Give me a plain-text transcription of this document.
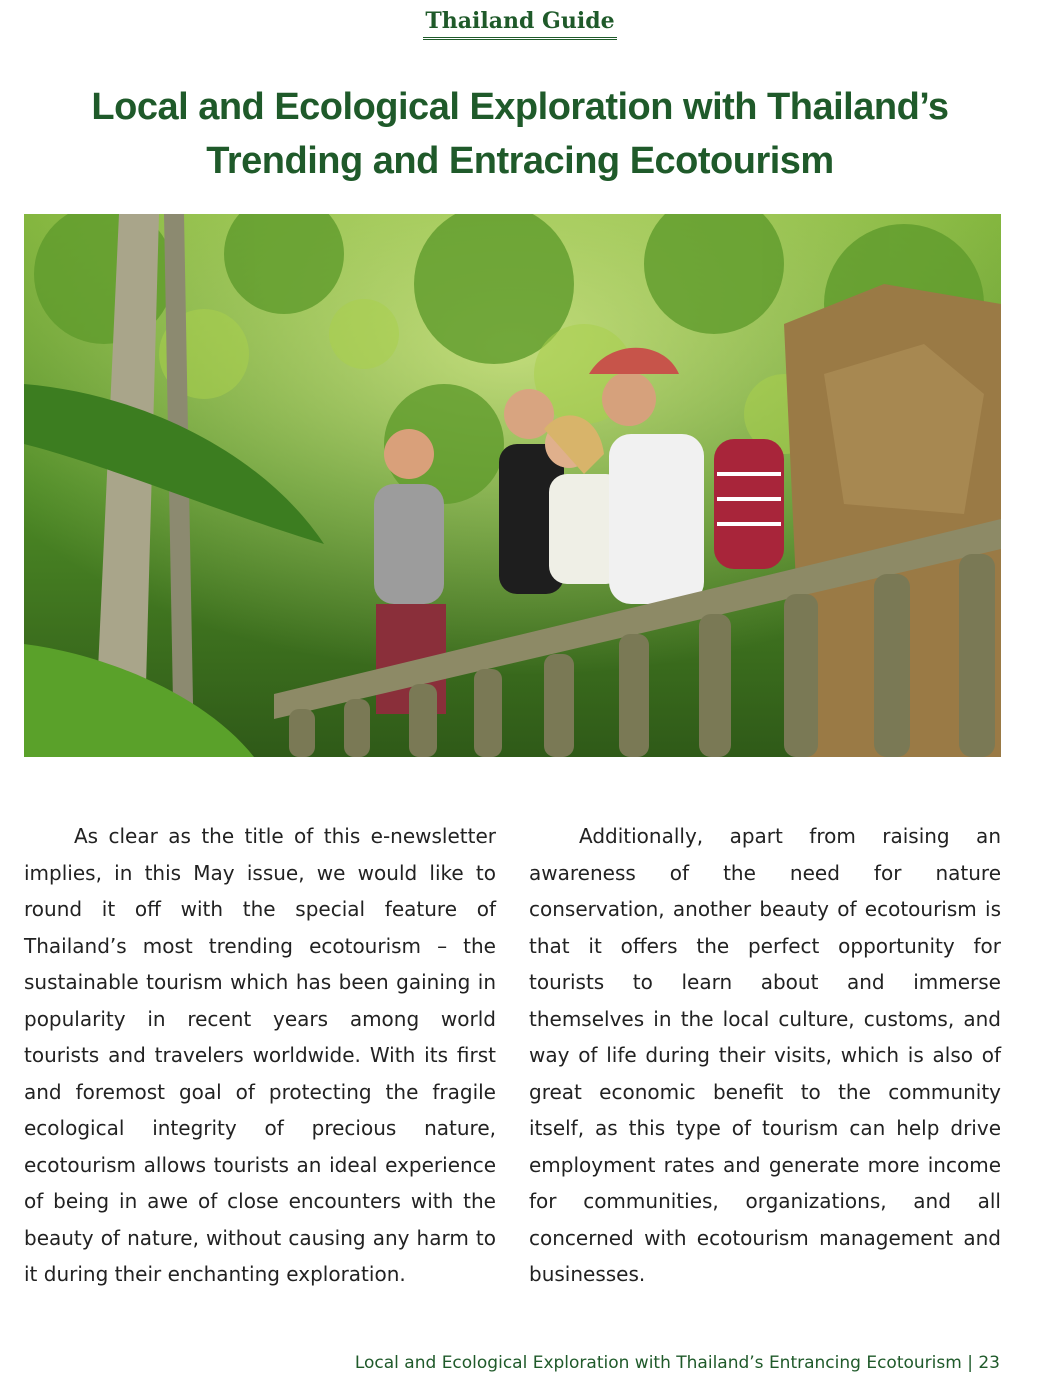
Thailand Guide
Local and Ecological Exploration with Thailand’s
Trending and Entracing Ecotourism

As clear as the title of this e-newsletter implies, in this May issue, we would like to round it off with the special feature of Thailand’s most trending ecotourism – the sustainable tourism which has been gaining in popularity in recent years among world tourists and travelers worldwide. With its first and foremost goal of protecting the fragile ecological integrity of precious nature, ecotourism allows tourists an ideal experience of being in awe of close encounters with the beauty of nature, without causing any harm to it during their enchanting exploration.

Additionally, apart from raising an awareness of the need for nature conservation, another beauty of ecotourism is that it offers the perfect opportunity for tourists to learn about and immerse themselves in the local culture, customs, and way of life during their visits, which is also of great economic benefit to the community itself, as this type of tourism can help drive employment rates and generate more income for communities, organizations, and all concerned with ecotourism management and businesses.

Local and Ecological Exploration with Thailand’s Entrancing Ecotourism | 23
